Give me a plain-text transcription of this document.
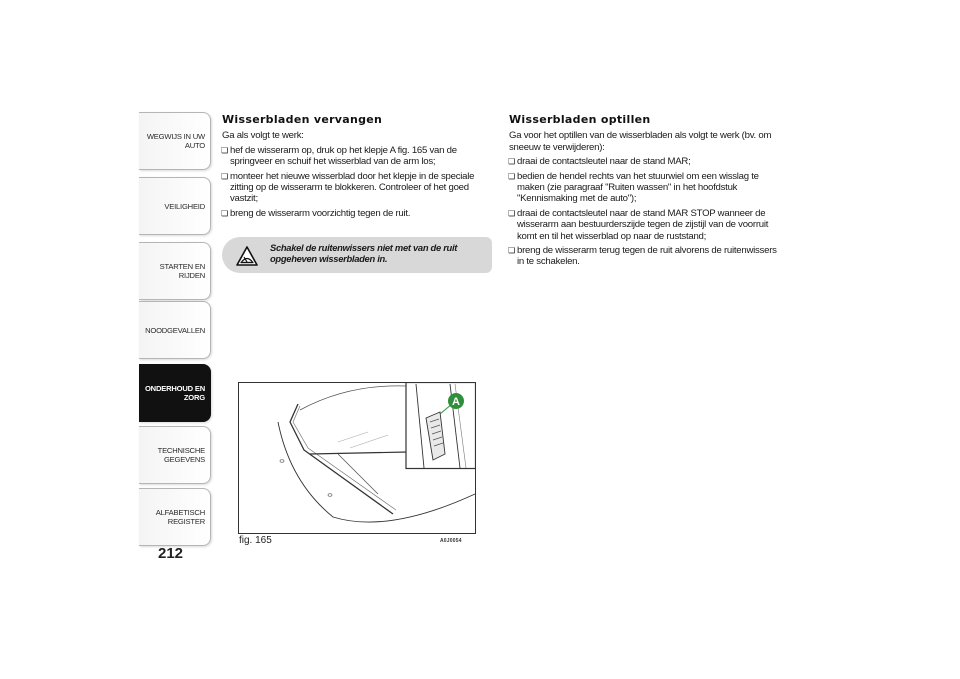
WEGWIJS IN UW AUTO
VEILIGHEID
STARTEN EN RIJDEN
NOODGEVALLEN
ONDERHOUD EN ZORG
TECHNISCHE GEGEVENS
ALFABETISCH REGISTER
212
Wisserbladen vervangen

Ga als volgt te werk:

❏ hef de wisserarm op, druk op het klepje A fig. 165 van de springveer en schuif het wisserblad van de arm los;
❏ monteer het nieuwe wisserblad door het klepje in de speciale zitting op de wisserarm te blokkeren. Controleer of het goed vastzit;
❏ breng de wisserarm voorzichtig tegen de ruit.
Schakel de ruitenwissers niet met van de ruit opgeheven wisserbladen in.
Wisserbladen optillen

Ga voor het optillen van de wisserbladen als volgt te werk (bv. om sneeuw te verwijderen):

❏ draai de contactsleutel naar de stand MAR;
❏ bedien de hendel rechts van het stuurwiel om een wisslag te maken (zie paragraaf "Ruiten wassen" in het hoofdstuk "Kennismaking met de auto");
❏ draai de contactsleutel naar de stand MAR STOP wanneer de wisserarm aan bestuurderszijde tegen de zijstijl van de voorruit komt en til het wisserblad op naar de ruststand;
❏ breng de wisserarm terug tegen de ruit alvorens de ruitenwissers in te schakelen.
A
fig. 165	A0J0054
